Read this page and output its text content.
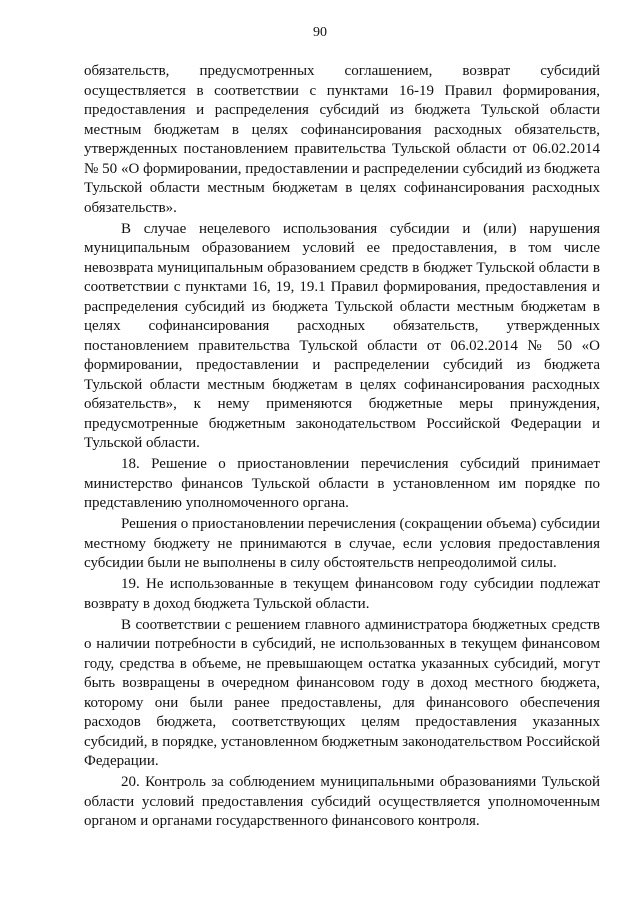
90

обязательств, предусмотренных соглашением, возврат субсидий осуществляется в соответствии с пунктами 16-19 Правил формирования, предоставления и распределения субсидий из бюджета Тульской области местным бюджетам в целях софинансирования расходных обязательств, утвержденных постановлением правительства Тульской области от 06.02.2014 № 50 «О формировании, предоставлении и распределении субсидий из бюджета Тульской области местным бюджетам в целях софинансирования расходных обязательств».

В случае нецелевого использования субсидии и (или) нарушения муниципальным образованием условий ее предоставления, в том числе невозврата муниципальным образованием средств в бюджет Тульской области в соответствии с пунктами 16, 19, 19.1 Правил формирования, предоставления и распределения субсидий из бюджета Тульской области местным бюджетам в целях софинансирования расходных обязательств, утвержденных постановлением правительства Тульской области от 06.02.2014 № 50 «О формировании, предоставлении и распределении субсидий из бюджета Тульской области местным бюджетам в целях софинансирования расходных обязательств», к нему применяются бюджетные меры принуждения, предусмотренные бюджетным законодательством Российской Федерации и Тульской области.

18. Решение о приостановлении перечисления субсидий принимает министерство финансов Тульской области в установленном им порядке по представлению уполномоченного органа.

Решения о приостановлении перечисления (сокращении объема) субсидии местному бюджету не принимаются в случае, если условия предоставления субсидии были не выполнены в силу обстоятельств непреодолимой силы.

19. Не использованные в текущем финансовом году субсидии подлежат возврату в доход бюджета Тульской области.

В соответствии с решением главного администратора бюджетных средств о наличии потребности в субсидий, не использованных в текущем финансовом году, средства в объеме, не превышающем остатка указанных субсидий, могут быть возвращены в очередном финансовом году в доход местного бюджета, которому они были ранее предоставлены, для финансового обеспечения расходов бюджета, соответствующих целям предоставления указанных субсидий, в порядке, установленном бюджетным законодательством Российской Федерации.

20. Контроль за соблюдением муниципальными образованиями Тульской области условий предоставления субсидий осуществляется уполномоченным органом и органами государственного финансового контроля.
